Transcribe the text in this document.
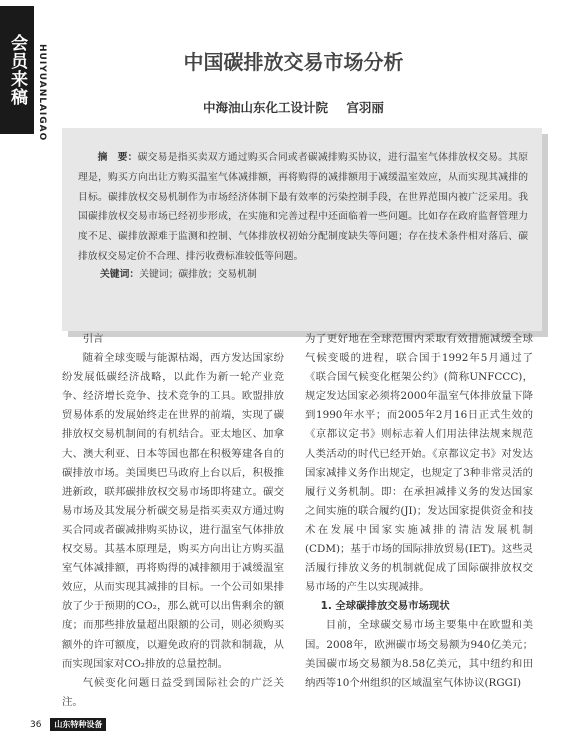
会员来稿	HUIYUANLAIGAO	中国碳排放交易市场分析
中海油山东化工设计院 宫羽丽
摘　要：碳交易是指买卖双方通过购买合同或者碳减排购买协议，进行温室气体排放权交易。其原理是，购买方向出让方购买温室气体减排额，再将购得的减排额用于减缓温室效应，从而实现其减排的目标。碳排放权交易机制作为市场经济体制下最有效率的污染控制手段，在世界范围内被广泛采用。我国碳排放权交易市场已经初步形成，在实施和完善过程中还面临着一些问题。比如存在政府监督管理力度不足、碳排放源难于监测和控制、气体排放权初始分配制度缺失等问题；存在技术条件相对落后、碳排放权交易定价不合理、排污收费标准较低等问题。
关键词：关键词；碳排放；交易机制
引言

随着全球变暖与能源枯竭，西方发达国家纷纷发展低碳经济战略，以此作为新一轮产业竞争、经济增长竞争、技术竞争的工具。欧盟排放贸易体系的发展始终走在世界的前端，实现了碳排放权交易机制间的有机结合。亚太地区、加拿大、澳大利亚、日本等国也都在积极筹建各自的碳排放市场。美国奥巴马政府上台以后，积极推进新政，联邦碳排放权交易市场即将建立。碳交易市场及其发展分析碳交易是指买卖双方通过购买合同或者碳减排购买协议，进行温室气体排放权交易。其基本原理是，购买方向出让方购买温室气体减排额，再将购得的减排额用于减缓温室效应，从而实现其减排的目标。一个公司如果排放了少于预期的CO₂，那么就可以出售剩余的额度；而那些排放量超出限额的公司，则必须购买额外的许可额度，以避免政府的罚款和制裁，从而实现国家对CO₂排放的总量控制。

气候变化问题日益受到国际社会的广泛关注。

为了更好地在全球范围内采取有效措施减缓全球气候变暖的进程，联合国于1992年5月通过了《联合国气候变化框架公约》(简称UNFCCC)，规定发达国家必须将2000年温室气体排放量下降到1990年水平；而2005年2月16日正式生效的《京都议定书》则标志着人们用法律法规来规范人类活动的时代已经开始。《京都议定书》对发达国家减排义务作出规定，也规定了3种非常灵活的履行义务机制。即：在承担减排义务的发达国家之间实施的联合履约(JI)；发达国家提供资金和技术在发展中国家实施减排的清洁发展机制(CDM)；基于市场的国际排放贸易(IET)。这些灵活履行排放义务的机制就促成了国际碳排放权交易市场的产生以实现减排。

1. 全球碳排放交易市场现状

目前，全球碳交易市场主要集中在欧盟和美国。2008年，欧洲碳市场交易额为940亿美元；美国碳市场交易额为8.58亿美元，其中纽约和田纳西等10个州组织的区域温室气体协议(RGGI)

36 山东特种设备
